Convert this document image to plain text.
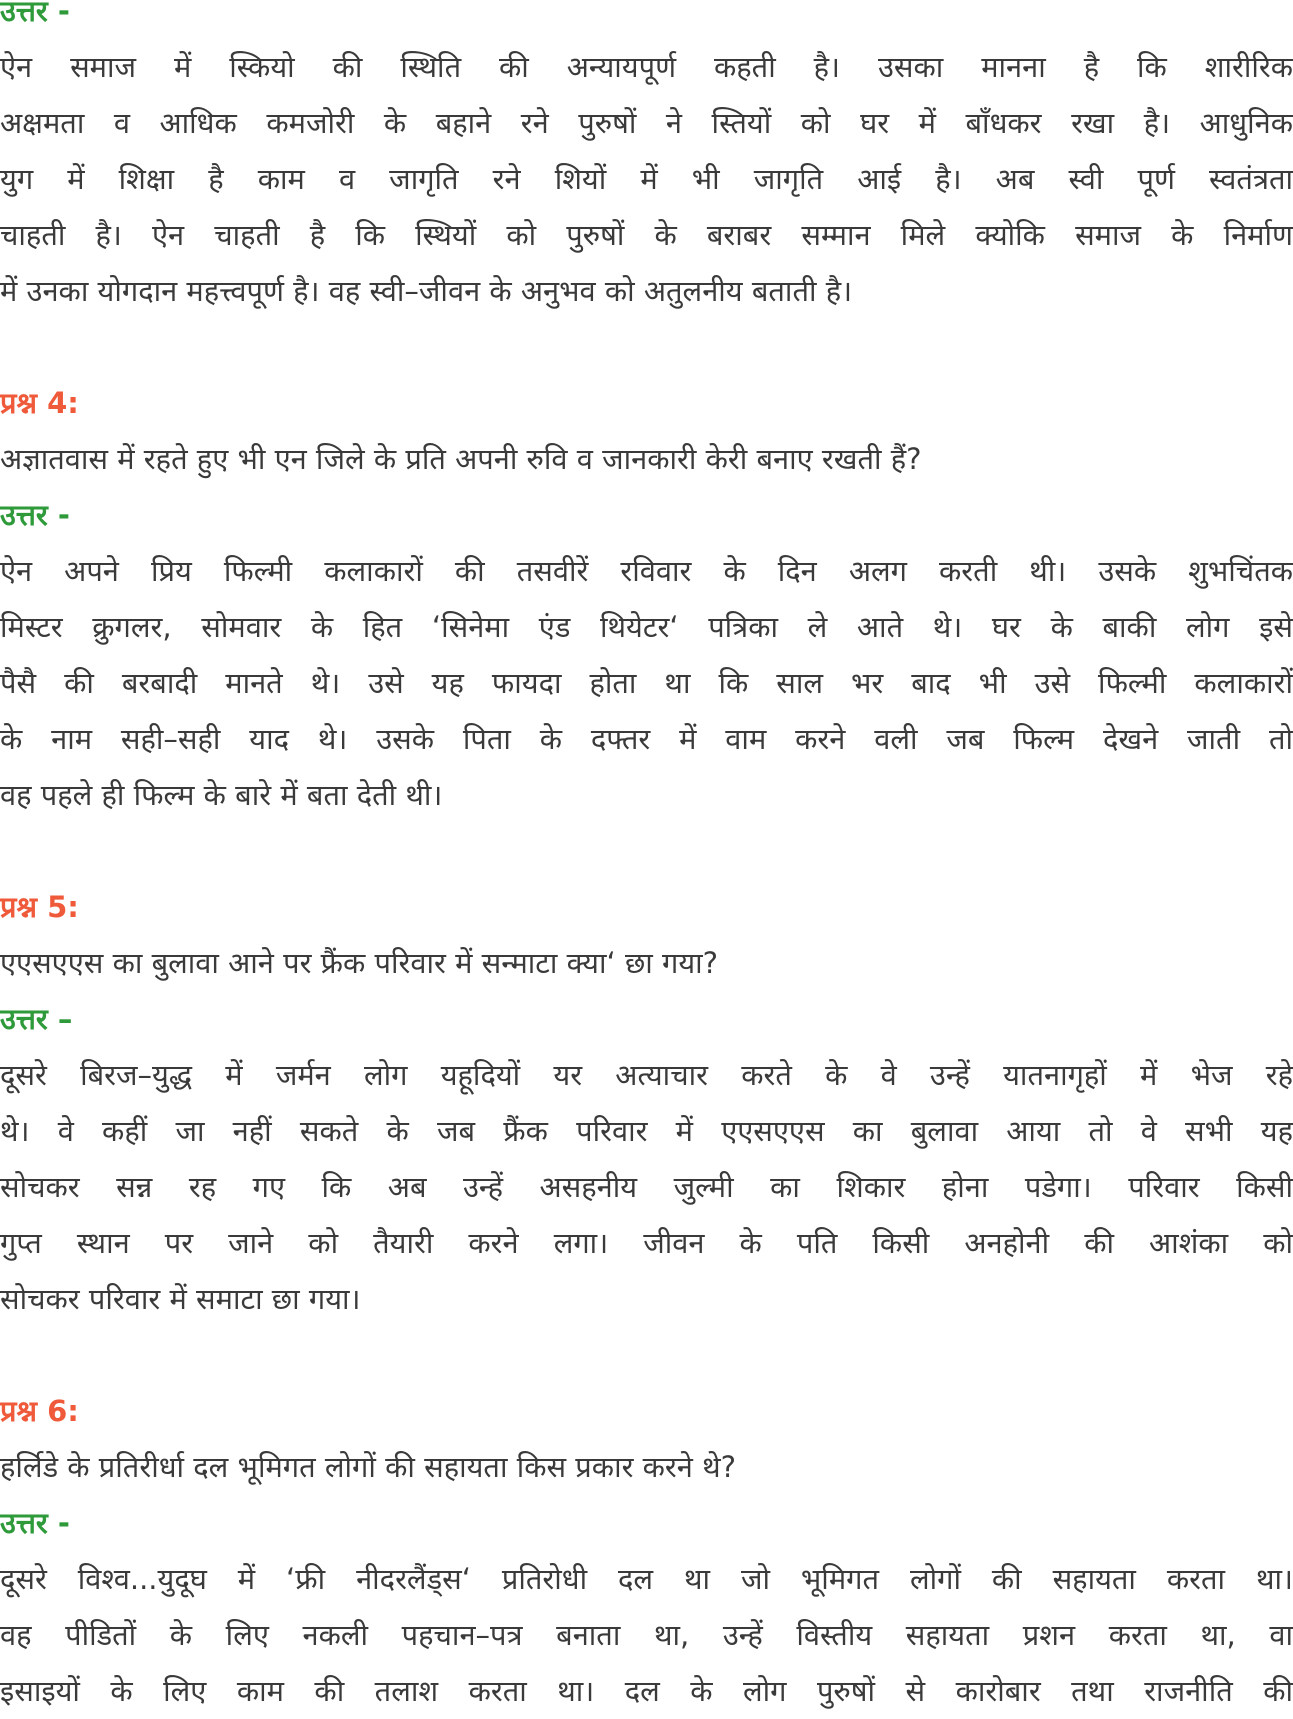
उत्तर -
ऐन समाज में स्कियो की स्थिति की अन्यायपूर्ण कहती है। उसका मानना है कि शारीरिक
अक्षमता व आधिक कमजोरी के बहाने रने पुरुषों ने स्तियों को घर में बाँधकर रखा है। आधुनिक
युग में शिक्षा है काम व जागृति रने शियों में भी जागृति आई है। अब स्वी पूर्ण स्वतंत्रता
चाहती है। ऐन चाहती है कि स्थियों को पुरुषों के बराबर सम्मान मिले क्योकि समाज के निर्माण
में उनका योगदान महत्त्वपूर्ण है। वह स्वी–जीवन के अनुभव को अतुलनीय बताती है।
प्रश्न 4:
अज्ञातवास में रहते हुए भी एन जिले के प्रति अपनी रुवि व जानकारी केरी बनाए रखती हैं?
उत्तर -
ऐन अपने प्रिय फिल्मी कलाकारों की तसवीरें रविवार के दिन अलग करती थी। उसके शुभचिंतक
मिस्टर क्रुगलर, सोमवार के हित ‘सिनेमा एंड थियेटर‘ पत्रिका ले आते थे। घर के बाकी लोग इसे
पैसै की बरबादी मानते थे। उसे यह फायदा होता था कि साल भर बाद भी उसे फिल्मी कलाकारों
के नाम सही–सही याद थे। उसके पिता के दफ्तर में वाम करने वली जब फिल्म देखने जाती तो
वह पहले ही फिल्म के बारे में बता देती थी।
प्रश्न 5:
एएसएएस का बुलावा आने पर फ्रैंक परिवार में सन्माटा क्या‘ छा गया?
उत्तर –
दूसरे बिरज–युद्ध में जर्मन लोग यहूदियों यर अत्याचार करते के वे उन्हें यातनागृहों में भेज रहे
थे। वे कहीं जा नहीं सकते के जब फ्रैंक परिवार में एएसएएस का बुलावा आया तो वे सभी यह
सोचकर सन्न रह गए कि अब उन्हें असहनीय जुल्मी का शिकार होना पडेगा। परिवार किसी
गुप्त स्थान पर जाने को तैयारी करने लगा। जीवन के पति किसी अनहोनी की आशंका को
सोचकर परिवार में समाटा छा गया।
प्रश्न 6:
हर्लिडे के प्रतिरीर्धा दल भूमिगत लोगों की सहायता किस प्रकार करने थे?
उत्तर -
दूसरे विश्व...युदूघ में ‘फ्री नीदरलैंड्स‘ प्रतिरोधी दल था जो भूमिगत लोगों की सहायता करता था।
वह पीडितों के लिए नकली पहचान–पत्र बनाता था, उन्हें विस्तीय सहायता प्रशन करता था, वा
इसाइयों के लिए काम की तलाश करता था। दल के लोग पुरुषों से कारोबार तथा राजनीति की
